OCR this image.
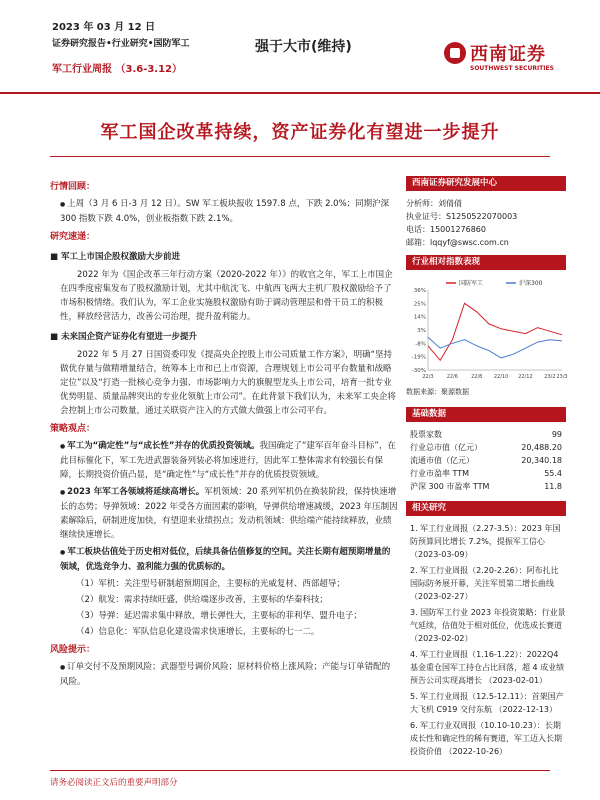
2023 年 03 月 12 日
证券研究报告•行业研究•国防军工
军工行业周报 （3.6-3.12）
强于大市(维持)	西南证券
SOUTHWEST SECURITIES
军工国企改革持续，资产证券化有望进一步提升
行情回顾：
● 上周（3 月 6 日-3 月 12 日）。SW 军工板块报收 1597.8 点，下跌 2.0%；同期沪深 300 指数下跌 4.0%，创业板指数下跌 2.1%。
研究速递：
■ 军工上市国企股权激励大步前进
2022 年为《国企改革三年行动方案（2020-2022 年）》的收官之年，军工上市国企在四季度密集发布了股权激励计划，尤其中航沈飞、中航西飞两大主机厂股权激励给予了市场积极情绪。我们认为，军工企业实施股权激励有助于调动管理层和骨干员工的积极性，释放经营活力，改善公司治理，提升盈利能力。
■ 未来国企资产证券化有望进一步提升
2022 年 5 月 27 日国资委印发《提高央企控股上市公司质量工作方案》，明确“坚持做优存量与做精增量结合，统筹本上市和已上市资源，合理规划上市公司平台数量和战略定位”以及“打造一批核心竞争力强、市场影响力大的旗舰型龙头上市公司，培育一批专业优势明显、质量品牌突出的专业化领航上市公司”。在此背景下我们认为，未来军工央企将会控制上市公司数量，通过关联资产注入的方式做大做强上市公司平台。
策略观点：
● 军工为“确定性”与“成长性”并存的优质投资领域。我国确定了“建军百年奋斗目标”，在此目标催化下，军工先进武器装备列装必将加速进行，因此军工整体需求有较强长有保障，长期投资价值凸显，是“确定性”与“成长性”并存的优质投资领域。
● 2023 年军工各领域将延续高增长。军机领域：20 系列军机仍在换装阶段，保持快速增长的态势；导弹领域：2022 年受各方面因素的影响，导弹供给增速减缓，2023 年压制因素解除后，研制进度加快，有望迎来业绩拐点；发动机领域：供给端产能持续释放，业绩继续快速增长。
● 军工板块估值处于历史相对低位，后续具备估值修复的空间。关注长期有超预期增量的领域，优选竞争力、盈利能力强的优质标的。
（1）军机：关注型号研制超预期国企，主要标的光威复材、西部超导；
（2）航发：需求持续旺盛，供给端逐步改善，主要标的华秦科技；
（3）导弹：延迟需求集中释放，增长弹性大，主要标的菲利华、盟升电子；
（4）信息化：军队信息化建设需求快速增长，主要标的七一二。
风险提示：
● 订单交付不及预期风险；武器型号调价风险；原材料价格上涨风险；产能与订单错配的风险。
西南证券研究发展中心
分析师：刘倩倩
执业证号：S1250522070003
电话：15001276860
邮箱：lqqyf@swsc.com.cn
行业相对指数表现
36%
25%
14%
3%
-8%
-19%
-30%
22/3	22/6	22/8 22/10 22/12 23/2 23/3
国防军工	沪深300
数据来源：聚源数据
基础数据
股票家数	99
行业总市值（亿元）	20,488.20
流通市值（亿元）	20,340.18
行业市盈率 TTM	55.4
沪深 300 市盈率 TTM	11.8
相关研究
1. 军工行业周报（2.27-3.5）：2023 年国防预算同比增长 7.2%，提振军工信心 （2023-03-09）
2. 军工行业周报（2.20-2.26）：阿布扎比国际防务展开幕，关注军贸第二增长曲线 （2023-02-27）
3. 国防军工行业 2023 年投资策略：行业景气延续，估值处于相对低位，优选成长赛道 （2023-02-02）
4. 军工行业周报（1.16-1.22）：2022Q4 基金重仓国军工持仓占比回落，超 4 成业绩预告公司实现高增长 （2023-02-01）
5. 军工行业周报（12.5-12.11）：首架国产大飞机 C919 交付东航 （2022-12-13）
6. 军工行业双周报（10.10-10.23）：长期成长性和确定性的稀有赛道，军工迈入长期投资价值 （2022-10-26）
请务必阅读正文后的重要声明部分
